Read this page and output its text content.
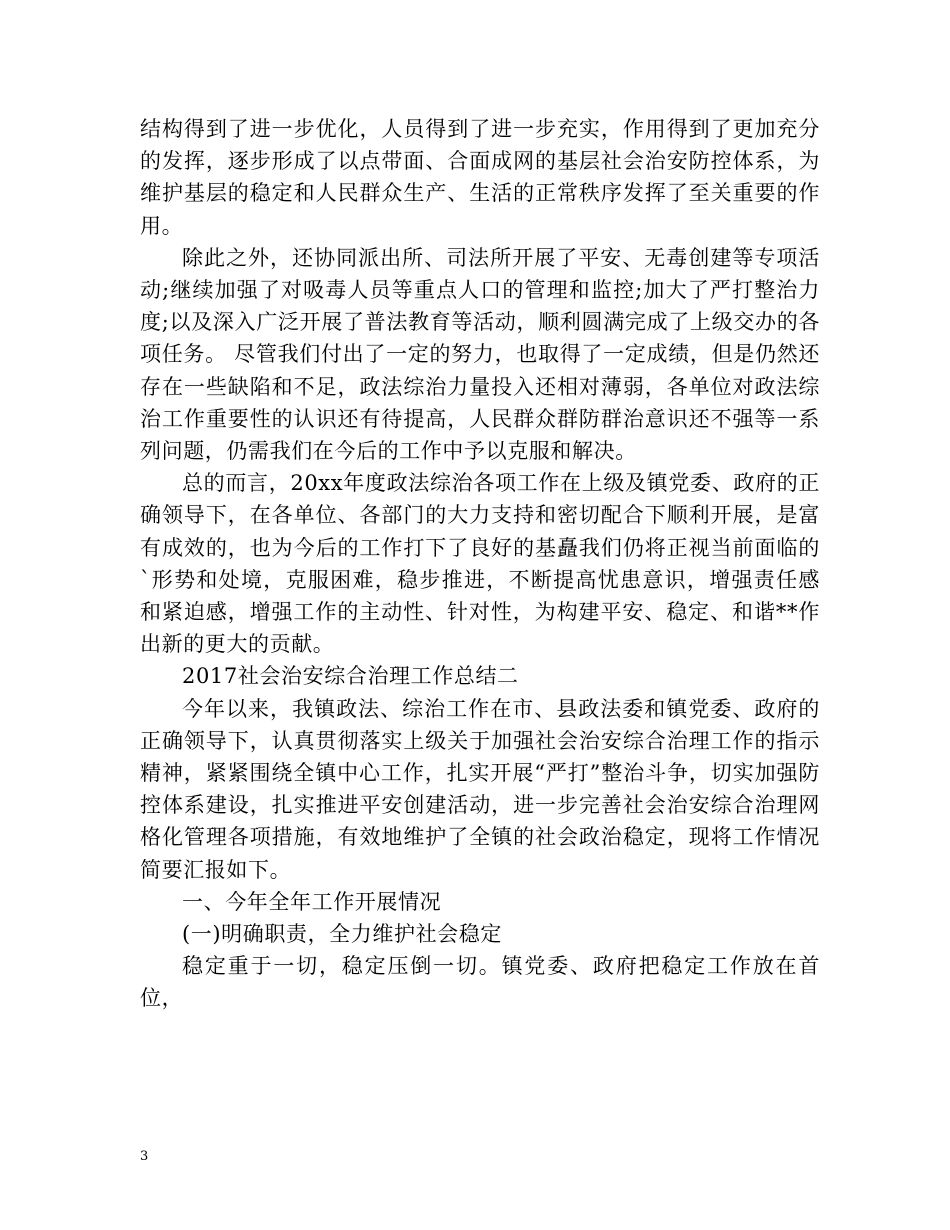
结构得到了进一步优化，人员得到了进一步充实，作用得到了更加充分的发挥，逐步形成了以点带面、合面成网的基层社会治安防控体系，为维护基层的稳定和人民群众生产、生活的正常秩序发挥了至关重要的作用。

除此之外，还协同派出所、司法所开展了平安、无毒创建等专项活动;继续加强了对吸毒人员等重点人口的管理和监控;加大了严打整治力度;以及深入广泛开展了普法教育等活动，顺利圆满完成了上级交办的各项任务。 尽管我们付出了一定的努力，也取得了一定成绩，但是仍然还存在一些缺陷和不足，政法综治力量投入还相对薄弱，各单位对政法综治工作重要性的认识还有待提高，人民群众群防群治意识还不强等一系列问题，仍需我们在今后的工作中予以克服和解决。

总的而言，20xx年度政法综治各项工作在上级及镇党委、政府的正确领导下，在各单位、各部门的大力支持和密切配合下顺利开展，是富有成效的，也为今后的工作打下了良好的基矗我们仍将正视当前面临的`形势和处境，克服困难，稳步推进，不断提高忧患意识，增强责任感和紧迫感，增强工作的主动性、针对性，为构建平安、稳定、和谐**作出新的更大的贡献。

2017社会治安综合治理工作总结二

今年以来，我镇政法、综治工作在市、县政法委和镇党委、政府的正确领导下，认真贯彻落实上级关于加强社会治安综合治理工作的指示精神，紧紧围绕全镇中心工作，扎实开展“严打”整治斗争，切实加强防控体系建设，扎实推进平安创建活动，进一步完善社会治安综合治理网格化管理各项措施，有效地维护了全镇的社会政治稳定，现将工作情况简要汇报如下。

一、今年全年工作开展情况

(一)明确职责，全力维护社会稳定

稳定重于一切，稳定压倒一切。镇党委、政府把稳定工作放在首位，

3
